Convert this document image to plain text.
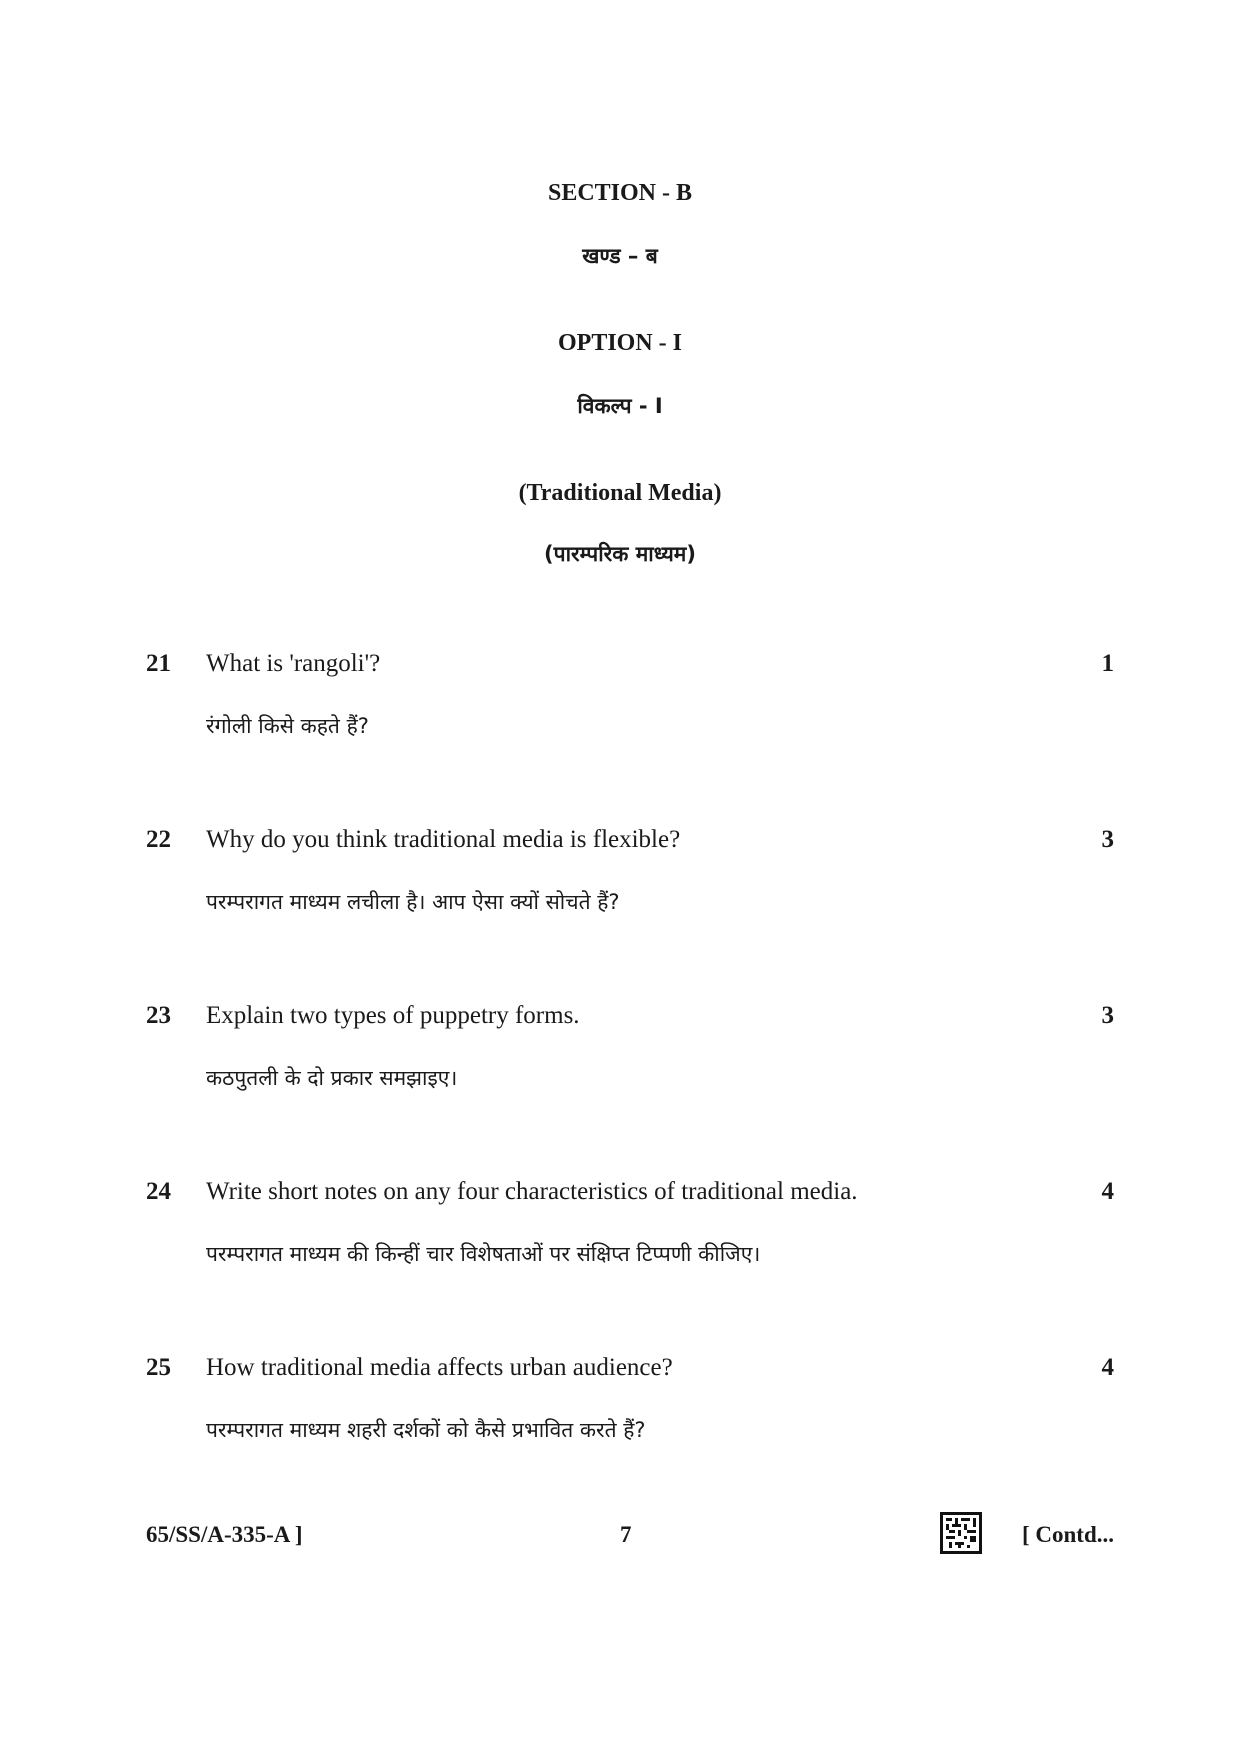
SECTION - B
खण्ड – ब
OPTION - I
विकल्प - I
(Traditional Media)
(पारम्परिक माध्यम)
21 What is 'rangoli'?	1
रंगोली किसे कहते हैं?
22 Why do you think traditional media is flexible?	3
परम्परागत माध्यम लचीला है। आप ऐसा क्यों सोचते हैं?
23 Explain two types of puppetry forms.	3
कठपुतली के दो प्रकार समझाइए।
24 Write short notes on any four characteristics of traditional media.	4
परम्परागत माध्यम की किन्हीं चार विशेषताओं पर संक्षिप्त टिप्पणी कीजिए।
25 How traditional media affects urban audience?	4
परम्परागत माध्यम शहरी दर्शकों को कैसे प्रभावित करते हैं?
65/SS/A-335-A ]	7	[ Contd...
